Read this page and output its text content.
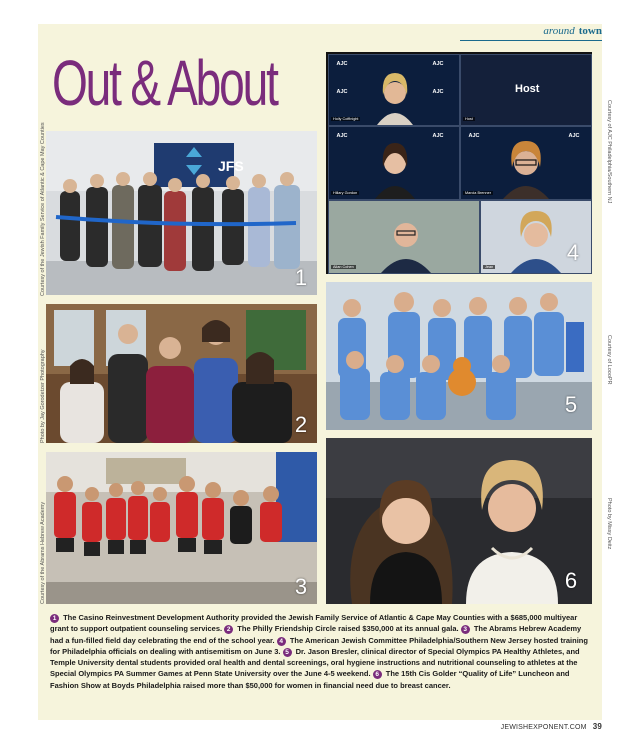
around town
Out & About
JFS
1
2
3
AJC
AJC
AJC
AJC
Holly Coffinight
Host
Host
AJC	AJC
Hillary Gordon
AJC	AJC
Marcia Brenner
Allan Cohen	Jean
4
5
6
Courtesy of the Jewish Family Service of Atlantic & Cape May Counties
Photo by Jay Gorodetzer Photography
Courtesy of the Abrams Hebrew Academy
Courtesy of AJC Philadelphia/Southern NJ
Courtesy of LoooPR
Photo by Missy Deitz
1 The Casino Reinvestment Development Authority provided the Jewish Family Service of Atlantic & Cape May Counties with a $685,000 multiyear grant to support outpatient counseling services. 2 The Philly Friendship Circle raised $350,000 at its annual gala. 3 The Abrams Hebrew Academy had a fun-filled field day celebrating the end of the school year. 4 The American Jewish Committee Philadelphia/Southern New Jersey hosted training for Philadelphia officials on dealing with antisemitism on June 3. 5 Dr. Jason Bresler, clinical director of Special Olympics PA Healthy Athletes, and Temple University dental students provided oral health and dental screenings, oral hygiene instructions and nutritional counseling to athletes at the Special Olympics PA Summer Games at Penn State University over the June 4-5 weekend. 6 The 15th Cis Golder “Quality of Life” Luncheon and Fashion Show at Boyds Philadelphia raised more than $50,000 for women in financial need due to breast cancer.
JEWISHEXPONENT.COM 39
